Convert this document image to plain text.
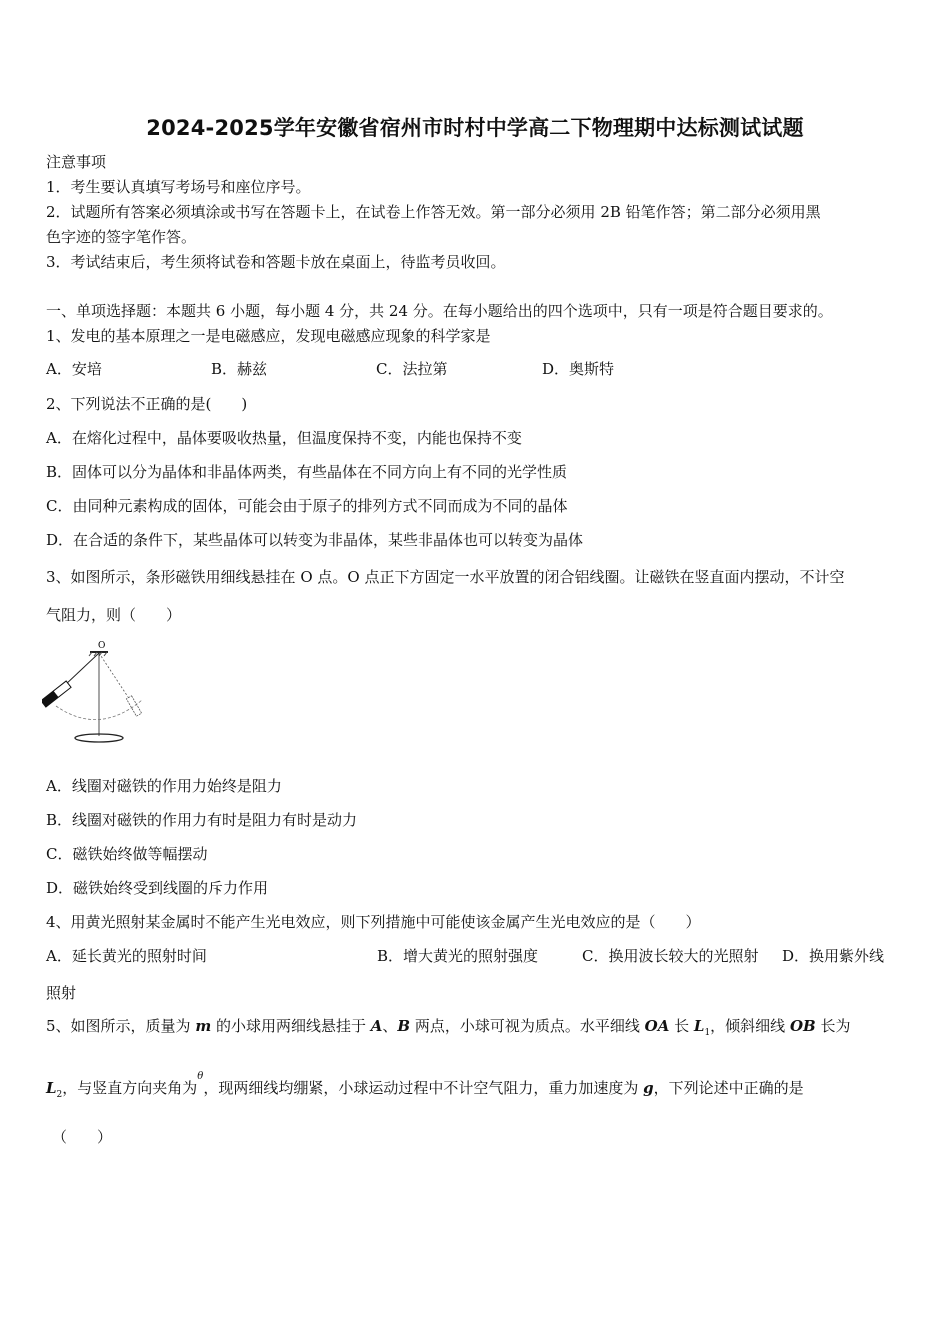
2024-2025学年安徽省宿州市时村中学高二下物理期中达标测试试题
注意事项
1．考生要认真填写考场号和座位序号。
2．试题所有答案必须填涂或书写在答题卡上，在试卷上作答无效。第一部分必须用 2B 铅笔作答；第二部分必须用黑
色字迹的签字笔作答。
3．考试结束后，考生须将试卷和答题卡放在桌面上，待监考员收回。
一、单项选择题：本题共 6 小题，每小题 4 分，共 24 分。在每小题给出的四个选项中，只有一项是符合题目要求的。
1、发电的基本原理之一是电磁感应，发现电磁感应现象的科学家是
A．安培	B．赫兹	C．法拉第	D．奥斯特
2、下列说法不正确的是(　　)
A．在熔化过程中，晶体要吸收热量，但温度保持不变，内能也保持不变
B．固体可以分为晶体和非晶体两类，有些晶体在不同方向上有不同的光学性质
C．由同种元素构成的固体，可能会由于原子的排列方式不同而成为不同的晶体
D．在合适的条件下，某些晶体可以转变为非晶体，某些非晶体也可以转变为晶体
3、如图所示，条形磁铁用细线悬挂在 O 点。O 点正下方固定一水平放置的闭合铝线圈。让磁铁在竖直面内摆动，不计空
气阻力，则（　　）
O
A．线圈对磁铁的作用力始终是阻力
B．线圈对磁铁的作用力有时是阻力有时是动力
C．磁铁始终做等幅摆动
D．磁铁始终受到线圈的斥力作用
4、用黄光照射某金属时不能产生光电效应，则下列措施中可能使该金属产生光电效应的是（　　）
A．延长黄光的照射时间	B．增大黄光的照射强度	C．换用波长较大的光照射 D．换用紫外线
照射
5、如图所示，质量为 m 的小球用两细线悬挂于 A、B 两点，小球可视为质点。水平细线 OA 长 $L_1$，倾斜细线 OB 长为
$L_2$，与竖直方向夹角为$^\theta$，现两细线均绷紧，小球运动过程中不计空气阻力，重力加速度为 g，下列论述中正确的是
（　　）
